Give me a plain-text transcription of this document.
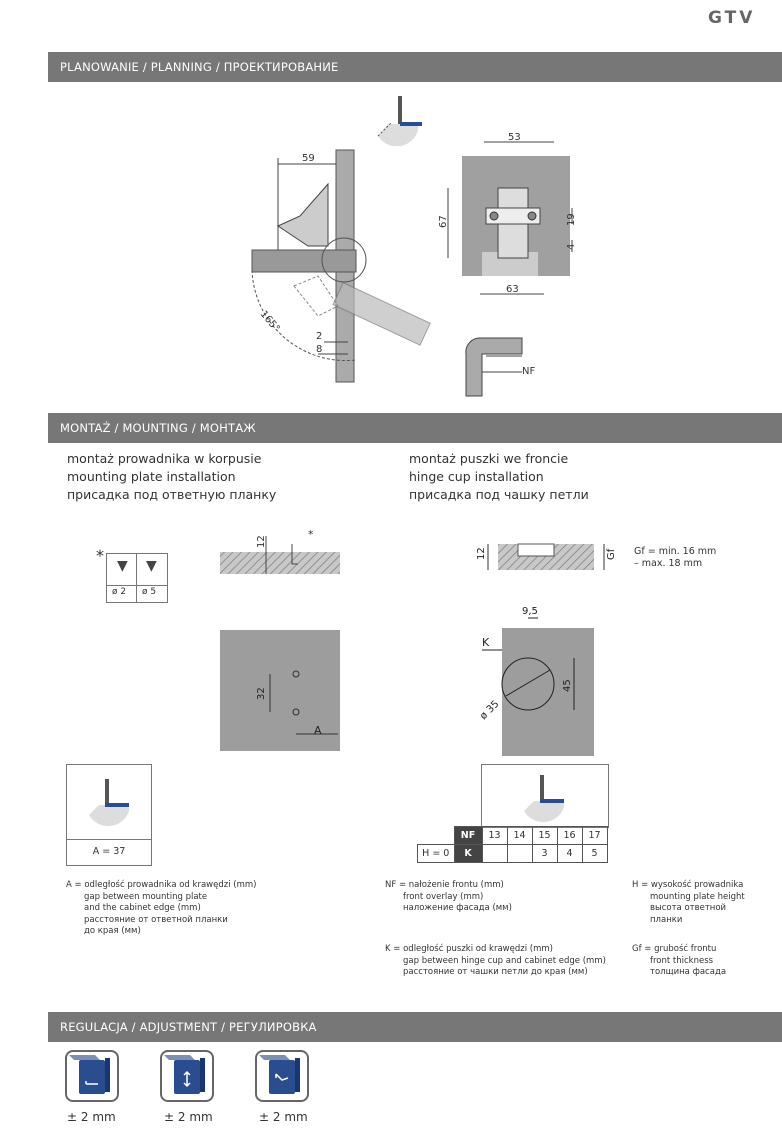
GTV
PLANOWANIE / PLANNING / ПРОЕКТИРОВАНИЕ
59
165°
2
8
53
67	19
4
63
NF
MONTAŻ / MOUNTING / МОНТАЖ
montaż prowadnika w korpusie
mounting plate installation
присадка под ответную планку
montaż puszki we froncie
hinge cup installation
присадка под чашку петли
*
▼ ▼
ø 2 ø 5
12
*
32
A
A = 37
12	Gf Gf = min. 16 mm
– max. 18 mm
9,5
K
ø 35
45
	NF	13	14	15	16	17
H = 0	K			3	4	5
A = odległość prowadnika od krawędzi (mm)
gap between mounting plate
and the cabinet edge (mm)
расстояние от ответной планки
до края (мм)
NF = nałożenie frontu (mm)
front overlay (mm)
наложение фасада (мм)
K = odległość puszki od krawędzi (mm)
gap between hinge cup and cabinet edge (mm)
расстояние от чашки петли до края (мм)
H = wysokość prowadnika
mounting plate height
высота ответной
планки
Gf = grubość frontu
front thickness
толщина фасада
REGULACJA / ADJUSTMENT / РЕГУЛИРОВКА
± 2 mm	± 2 mm	± 2 mm
